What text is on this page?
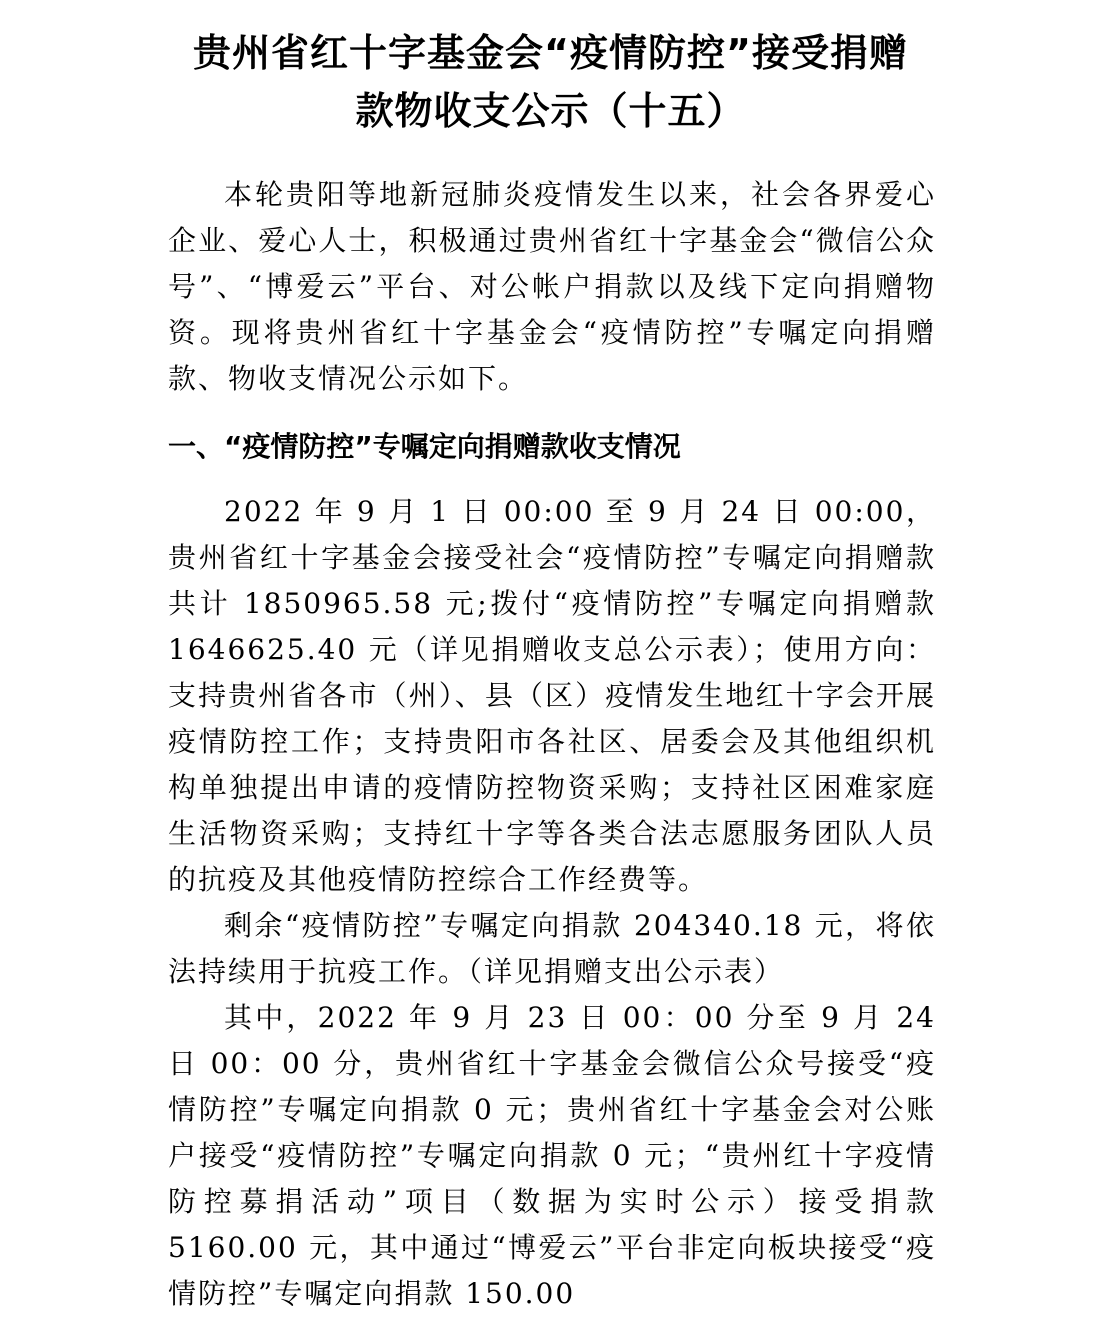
贵州省红十字基金会“疫情防控”接受捐赠
款物收支公示（十五）

本轮贵阳等地新冠肺炎疫情发生以来，社会各界爱心企业、爱心人士，积极通过贵州省红十字基金会“微信公众号”、“博爱云”平台、对公帐户捐款以及线下定向捐赠物资。现将贵州省红十字基金会“疫情防控”专嘱定向捐赠款、物收支情况公示如下。

一、“疫情防控”专嘱定向捐赠款收支情况

2022 年 9 月 1 日 00:00 至 9 月 24 日 00:00，贵州省红十字基金会接受社会“疫情防控”专嘱定向捐赠款共计 1850965.58 元;拨付“疫情防控”专嘱定向捐赠款 1646625.40 元（详见捐赠收支总公示表）；使用方向：支持贵州省各市（州）、县（区）疫情发生地红十字会开展疫情防控工作；支持贵阳市各社区、居委会及其他组织机构单独提出申请的疫情防控物资采购；支持社区困难家庭生活物资采购；支持红十字等各类合法志愿服务团队人员的抗疫及其他疫情防控综合工作经费等。

剩余“疫情防控”专嘱定向捐款 204340.18 元，将依法持续用于抗疫工作。（详见捐赠支出公示表）

其中，2022 年 9 月 23 日 00：00 分至 9 月 24 日 00：00 分，贵州省红十字基金会微信公众号接受“疫情防控”专嘱定向捐款 0 元；贵州省红十字基金会对公账户接受“疫情防控”专嘱定向捐款 0 元；“贵州红十字疫情防控募捐活动”项目（数据为实时公示）接受捐款 5160.00 元，其中通过“博爱云”平台非定向板块接受“疫情防控”专嘱定向捐款 150.00
